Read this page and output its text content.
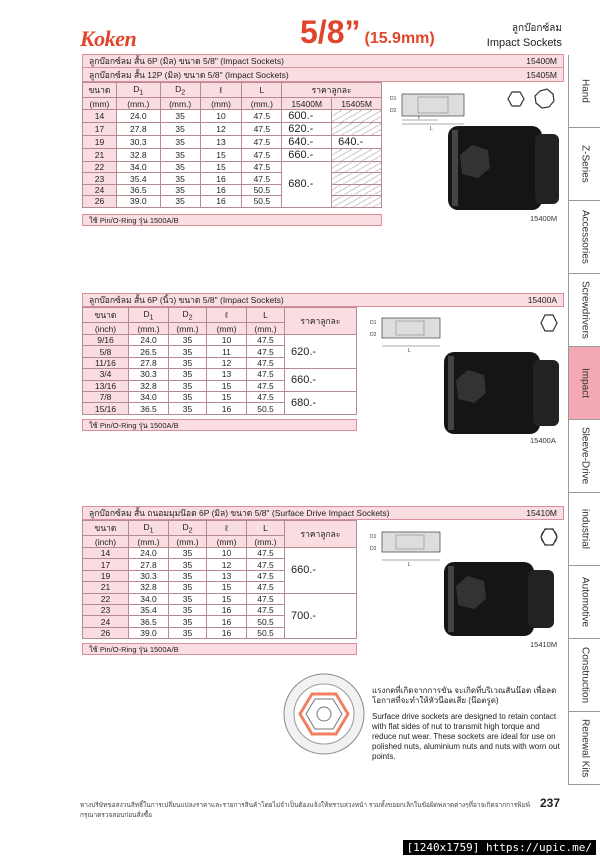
Koken	5/8” (15.9mm)
ลูกบ๊อกซ์ลม
Impact Sockets
Hand
Z-Series
Accessories
Screwdrivers
Impact
Sleeve-Drive
industrial
Automotive
Construction
Renewal Kits
ลูกบ๊อกซ์ลม สั้น 6P (มิล) ขนาด 5/8" (Impact Sockets)	15400M
ลูกบ๊อกซ์ลม สั้น 12P (มิล) ขนาด 5/8" (Impact Sockets)	15405M
ขนาด	$D_1$	$D_2$	ℓ	L	ราคาลูกละ	
(mm)	(mm.)	(mm.)	(mm)	(mm.)	15400M	15405M
14	24.0	35	10	47.5	600.-	
17	27.8	35	12	47.5	620.-	
19	30.3	35	13	47.5	640.-	640.-
21	32.8	35	15	47.5	660.-	
22	34.0	35	15	47.5	680.-	
23	35.4	35	16	47.5		
24	36.5	35	16	50.5		
26	39.0	35	16	50.5		
ใช้ Pin/O-Ring รุ่น 1500A/B
L
ℓ
D1
D2
15400M
ลูกบ๊อกซ์ลม สั้น 6P (นิ้ว) ขนาด 5/8" (Impact Sockets)	15400A
ขนาด	$D_1$	$D_2$	ℓ	L	ราคาลูกละ
(inch)	(mm.)	(mm.)	(mm)	(mm.)	
9/16	24.0	35	10	47.5	620.-
5/8	26.5	35	11	47.5	
11/16	27.8	35	12	47.5	
3/4	30.3	35	13	47.5	660.-
13/16	32.8	35	15	47.5	
7/8	34.0	35	15	47.5	680.-
15/16	36.5	35	16	50.5	
ใช้ Pin/O-Ring รุ่น 1500A/B
L
D1
D2
15400A
ลูกบ๊อกซ์ลม สั้น ถนอมมุมน๊อต 6P (มิล) ขนาด 5/8" (Surface Drive Impact Sockets)	15410M
ขนาด	$D_1$	$D_2$	ℓ	L	ราคาลูกละ
(inch)	(mm.)	(mm.)	(mm)	(mm.)	
14	24.0	35	10	47.5	660.-
17	27.8	35	12	47.5	
19	30.3	35	13	47.5	
21	32.8	35	15	47.5	
22	34.0	35	15	47.5	700.-
23	35.4	35	16	47.5	
24	36.5	35	16	50.5	
26	39.0	35	16	50.5	
ใช้ Pin/O-Ring รุ่น 1500A/B
L
D1
D2
15410M

แรงกดที่เกิดจากการขัน จะเกิดที่บริเวณสันน๊อต เพื่อลดโอกาสที่จะทำให้หัวน๊อตเสีย (น๊อตรูด)

Surface drive sockets are designed to retain contact with flat sides of nut to transmit high torque and reduce nut wear. These sockets are ideal for use on polished nuts, aluminium nuts and nuts with worn out points.

ทางบริษัทขอสงวนสิทธิ์ในการเปลี่ยนแปลงราคาและรายการสินค้าโดยไม่จำเป็นต้องแจ้งให้ทราบล่วงหน้า รวมทั้งขอยกเลิกในข้อผิดพลาดต่างๆที่อาจเกิดจากการพิมพ์ กรุณาตรวจสอบก่อนสั่งซื้อ
237
[1240x1759] https://upic.me/
